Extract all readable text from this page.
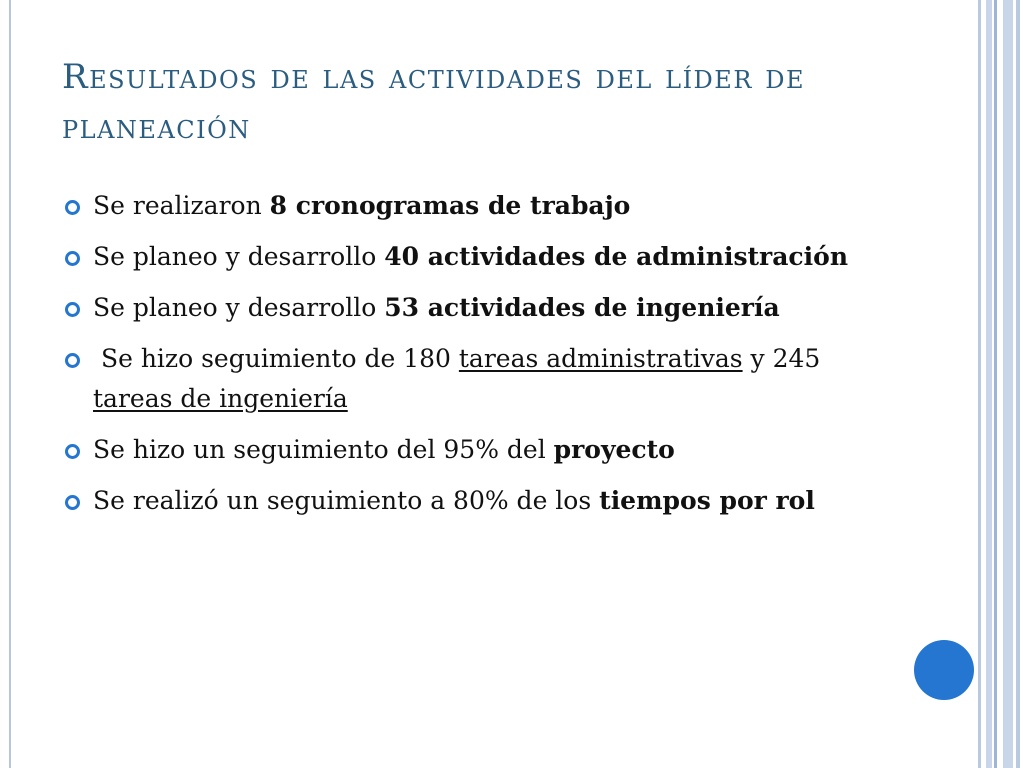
Resultados de las actividades del líder de planeación
Se realizaron 8 cronogramas de trabajo
Se planeo y desarrollo 40 actividades de administración
Se planeo y desarrollo 53 actividades de ingeniería
Se hizo seguimiento de 180 tareas administrativas y 245 tareas de ingeniería
Se hizo un seguimiento del 95% del proyecto
Se realizó un seguimiento a 80% de los tiempos por rol
